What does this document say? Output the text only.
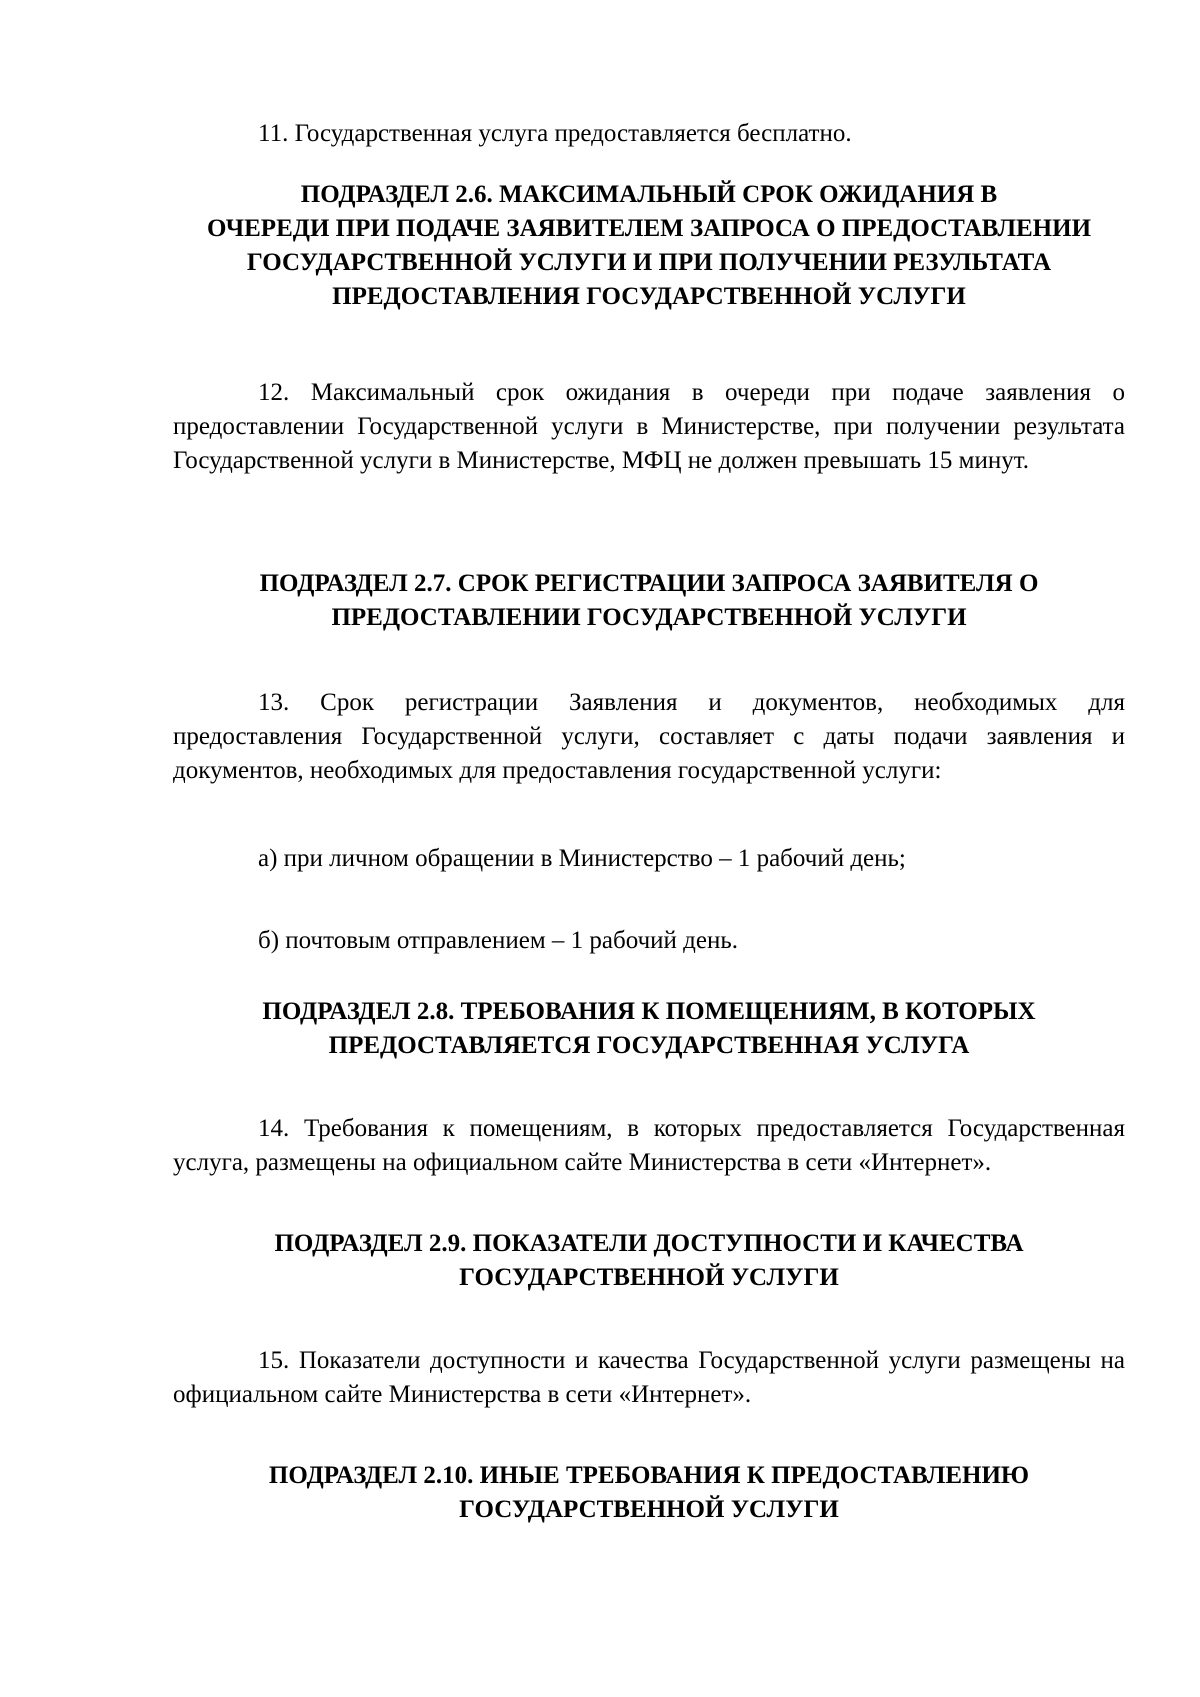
11. Государственная услуга предоставляется бесплатно.

ПОДРАЗДЕЛ 2.6. МАКСИМАЛЬНЫЙ СРОК ОЖИДАНИЯ В
ОЧЕРЕДИ ПРИ ПОДАЧЕ ЗАЯВИТЕЛЕМ ЗАПРОСА О ПРЕДОСТАВЛЕНИИ
ГОСУДАРСТВЕННОЙ УСЛУГИ И ПРИ ПОЛУЧЕНИИ РЕЗУЛЬТАТА
ПРЕДОСТАВЛЕНИЯ ГОСУДАРСТВЕННОЙ УСЛУГИ

12. Максимальный срок ожидания в очереди при подаче заявления о предоставлении Государственной услуги в Министерстве, при получении результата Государственной услуги в Министерстве, МФЦ не должен превышать 15 минут.

ПОДРАЗДЕЛ 2.7. СРОК РЕГИСТРАЦИИ ЗАПРОСА ЗАЯВИТЕЛЯ О
ПРЕДОСТАВЛЕНИИ ГОСУДАРСТВЕННОЙ УСЛУГИ

13. Срок регистрации Заявления и документов, необходимых для предоставления Государственной услуги, составляет с даты подачи заявления и документов, необходимых для предоставления государственной услуги:

а) при личном обращении в Министерство – 1 рабочий день;

б) почтовым отправлением – 1 рабочий день.

ПОДРАЗДЕЛ 2.8. ТРЕБОВАНИЯ К ПОМЕЩЕНИЯМ, В КОТОРЫХ
ПРЕДОСТАВЛЯЕТСЯ ГОСУДАРСТВЕННАЯ УСЛУГА

14. Требования к помещениям, в которых предоставляется Государственная услуга, размещены на официальном сайте Министерства в сети «Интернет».

ПОДРАЗДЕЛ 2.9. ПОКАЗАТЕЛИ ДОСТУПНОСТИ И КАЧЕСТВА
ГОСУДАРСТВЕННОЙ УСЛУГИ

15. Показатели доступности и качества Государственной услуги размещены на официальном сайте Министерства в сети «Интернет».

ПОДРАЗДЕЛ 2.10. ИНЫЕ ТРЕБОВАНИЯ К ПРЕДОСТАВЛЕНИЮ
ГОСУДАРСТВЕННОЙ УСЛУГИ
